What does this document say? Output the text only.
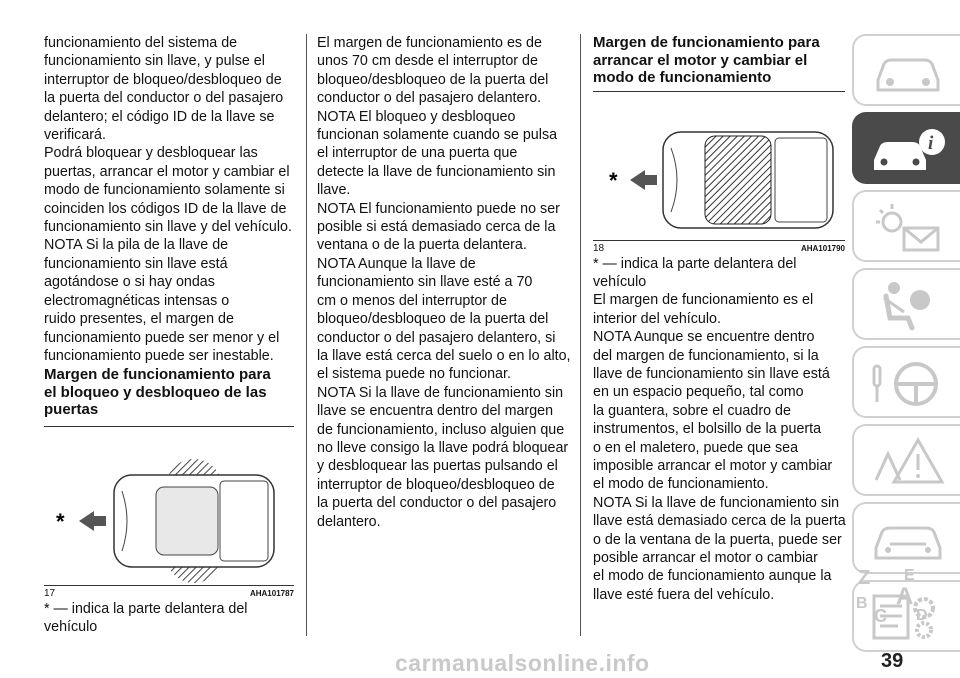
funcionamiento del sistema de

funcionamiento sin llave, y pulse el

interruptor de bloqueo/desbloqueo de

la puerta del conductor o del pasajero

delantero; el código ID de la llave se

verificará.

Podrá bloquear y desbloquear las

puertas, arrancar el motor y cambiar el

modo de funcionamiento solamente si

coinciden los códigos ID de la llave de

funcionamiento sin llave y del vehículo.

NOTA Si la pila de la llave de

funcionamiento sin llave está

agotándose o si hay ondas

electromagnéticas intensas o

ruido presentes, el margen de

funcionamiento puede ser menor y el

funcionamiento puede ser inestable.

Margen de funcionamiento para

el bloqueo y desbloqueo de las

puertas

*
17	AHA101787

* — indica la parte delantera del

vehículo

El margen de funcionamiento es de

unos 70 cm desde el interruptor de

bloqueo/desbloqueo de la puerta del

conductor o del pasajero delantero.

NOTA El bloqueo y desbloqueo

funcionan solamente cuando se pulsa

el interruptor de una puerta que

detecte la llave de funcionamiento sin

llave.

NOTA El funcionamiento puede no ser

posible si está demasiado cerca de la

ventana o de la puerta delantera.

NOTA Aunque la llave de

funcionamiento sin llave esté a 70

cm o menos del interruptor de

bloqueo/desbloqueo de la puerta del

conductor o del pasajero delantero, si

la llave está cerca del suelo o en lo alto,

el sistema puede no funcionar.

NOTA Si la llave de funcionamiento sin

llave se encuentra dentro del margen

de funcionamiento, incluso alguien que

no lleve consigo la llave podrá bloquear

y desbloquear las puertas pulsando el

interruptor de bloqueo/desbloqueo de

la puerta del conductor o del pasajero

delantero.

Margen de funcionamiento para

arrancar el motor y cambiar el

modo de funcionamiento

*
18	AHA101790

* — indica la parte delantera del

vehículo

El margen de funcionamiento es el

interior del vehículo.

NOTA Aunque se encuentre dentro

del margen de funcionamiento, si la

llave de funcionamiento sin llave está

en un espacio pequeño, tal como

la guantera, sobre el cuadro de

instrumentos, el bolsillo de la puerta

o en el maletero, puede que sea

imposible arrancar el motor y cambiar

el modo de funcionamiento.

NOTA Si la llave de funcionamiento sin

llave está demasiado cerca de la puerta

o de la ventana de la puerta, puede ser

posible arrancar el motor o cambiar

el modo de funcionamiento aunque la

llave esté fuera del vehículo.

i
Z E
B A
C D
carmanualsonline.info	39
